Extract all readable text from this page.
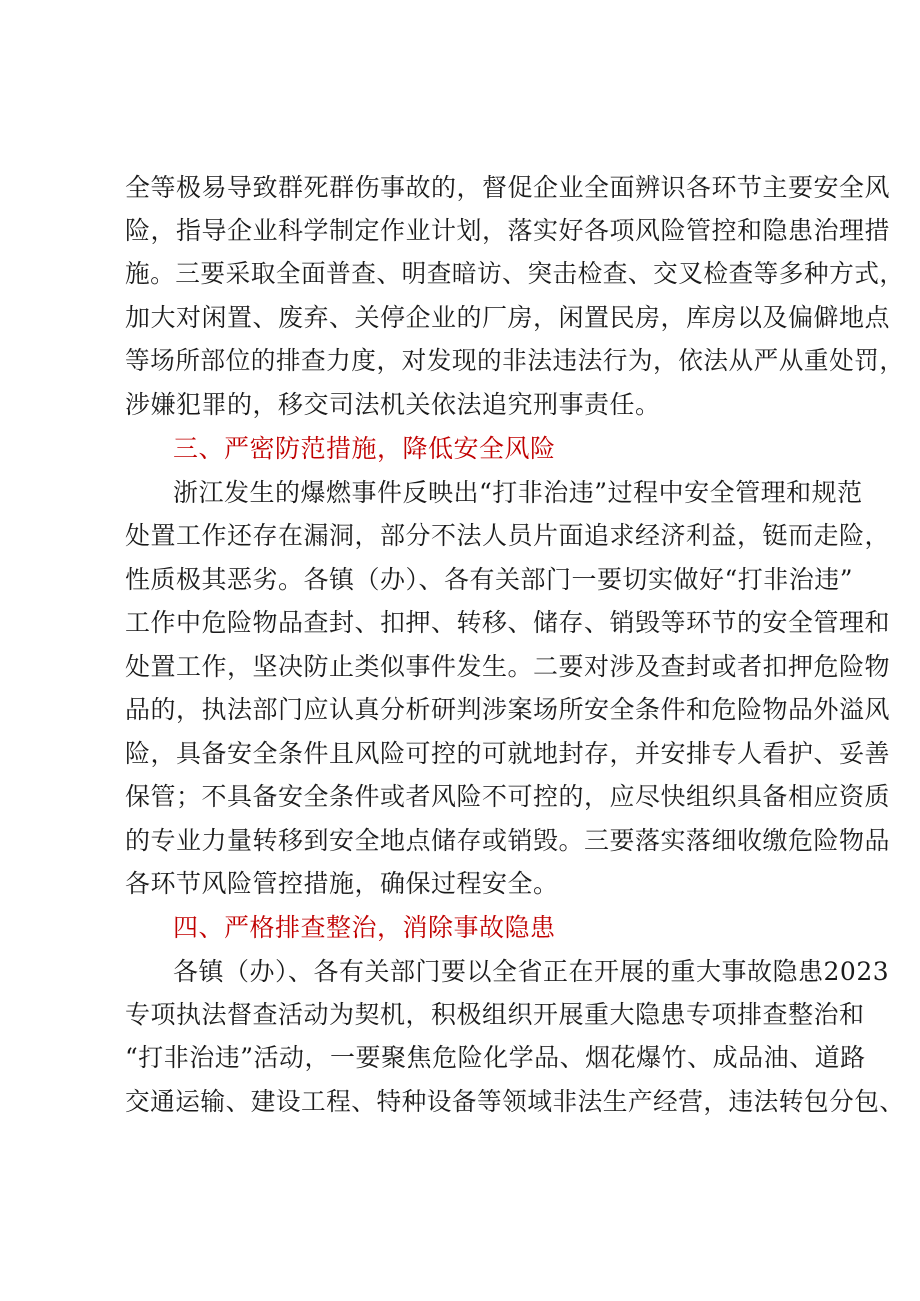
全等极易导致群死群伤事故的，督促企业全面辨识各环节主要安全风
险，指导企业科学制定作业计划，落实好各项风险管控和隐患治理措
施。三要采取全面普查、明查暗访、突击检查、交叉检查等多种方式，
加大对闲置、废弃、关停企业的厂房，闲置民房，库房以及偏僻地点
等场所部位的排查力度，对发现的非法违法行为，依法从严从重处罚，
涉嫌犯罪的，移交司法机关依法追究刑事责任。
三、严密防范措施，降低安全风险
浙江发生的爆燃事件反映出“打非治违”过程中安全管理和规范
处置工作还存在漏洞，部分不法人员片面追求经济利益，铤而走险，
性质极其恶劣。各镇（办）、各有关部门一要切实做好“打非治违”
工作中危险物品查封、扣押、转移、储存、销毁等环节的安全管理和
处置工作，坚决防止类似事件发生。二要对涉及查封或者扣押危险物
品的，执法部门应认真分析研判涉案场所安全条件和危险物品外溢风
险，具备安全条件且风险可控的可就地封存，并安排专人看护、妥善
保管；不具备安全条件或者风险不可控的，应尽快组织具备相应资质
的专业力量转移到安全地点储存或销毁。三要落实落细收缴危险物品
各环节风险管控措施，确保过程安全。
四、严格排查整治，消除事故隐患
各镇（办）、各有关部门要以全省正在开展的重大事故隐患2023
专项执法督查活动为契机，积极组织开展重大隐患专项排查整治和
“打非治违”活动，一要聚焦危险化学品、烟花爆竹、成品油、道路
交通运输、建设工程、特种设备等领域非法生产经营，违法转包分包、
